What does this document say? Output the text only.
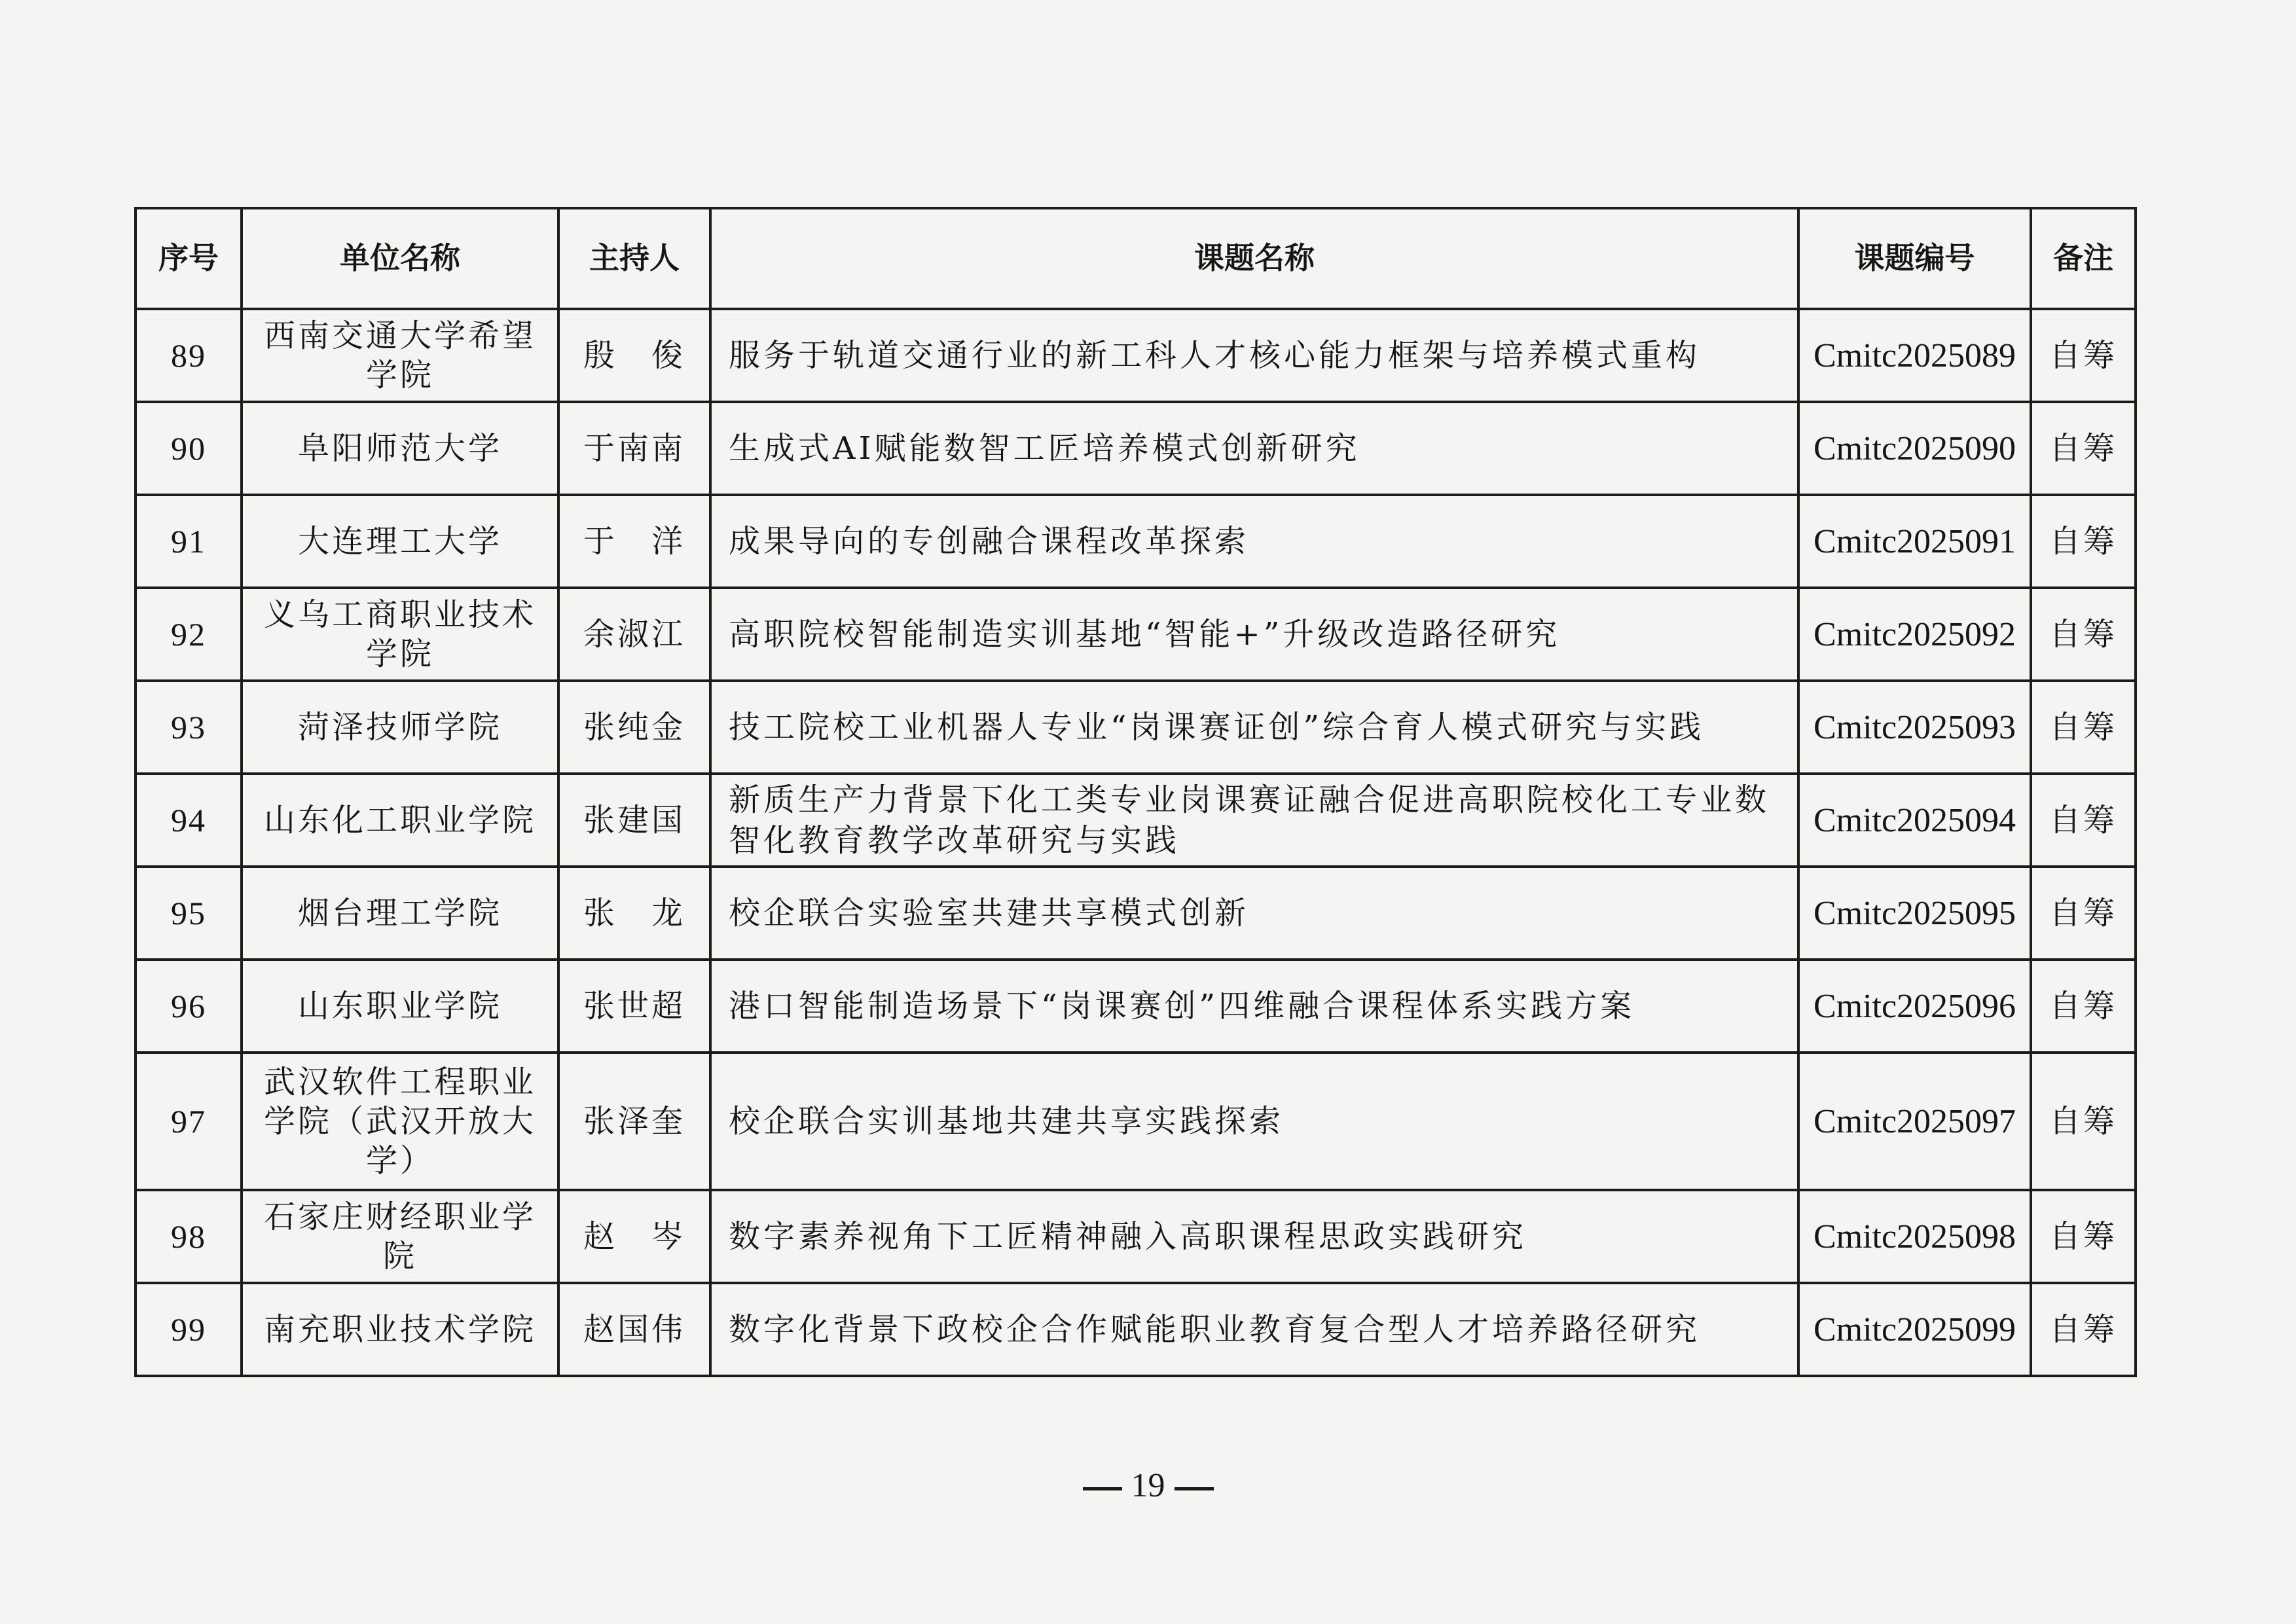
序号	单位名称	主持人	课题名称	课题编号	备注
89	西南交通大学希望学院	殷　俊	服务于轨道交通行业的新工科人才核心能力框架与培养模式重构	Cmitc2025089	自筹
90	阜阳师范大学	于南南	生成式AI赋能数智工匠培养模式创新研究	Cmitc2025090	自筹
91	大连理工大学	于　洋	成果导向的专创融合课程改革探索	Cmitc2025091	自筹
92	义乌工商职业技术学院	余淑江	高职院校智能制造实训基地“智能+”升级改造路径研究	Cmitc2025092	自筹
93	菏泽技师学院	张纯金	技工院校工业机器人专业“岗课赛证创”综合育人模式研究与实践	Cmitc2025093	自筹
94	山东化工职业学院	张建国	新质生产力背景下化工类专业岗课赛证融合促进高职院校化工专业数智化教育教学改革研究与实践	Cmitc2025094	自筹
95	烟台理工学院	张　龙	校企联合实验室共建共享模式创新	Cmitc2025095	自筹
96	山东职业学院	张世超	港口智能制造场景下“岗课赛创”四维融合课程体系实践方案	Cmitc2025096	自筹
97	武汉软件工程职业学院（武汉开放大学）	张泽奎	校企联合实训基地共建共享实践探索	Cmitc2025097	自筹
98	石家庄财经职业学院	赵　岑	数字素养视角下工匠精神融入高职课程思政实践研究	Cmitc2025098	自筹
99	南充职业技术学院	赵国伟	数字化背景下政校企合作赋能职业教育复合型人才培养路径研究	Cmitc2025099	自筹
19
